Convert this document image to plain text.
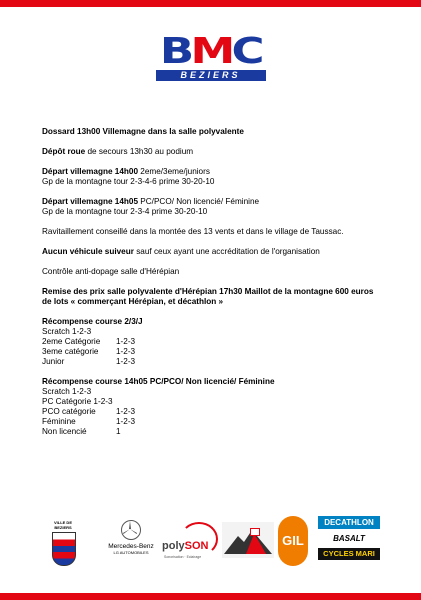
BMC
BEZIERS
Dossard 13h00 Villemagne dans la salle polyvalente
Dépôt roue de secours 13h30 au podium
Départ villemagne 14h00 2eme/3eme/juniors
Gp de la montagne tour 2-3-4-6 prime 30-20-10
Départ villemagne 14h05 PC/PCO/ Non licencié/ Féminine
Gp de la montagne tour 2-3-4 prime 30-20-10
Ravitaillement conseillé dans la montée des 13 vents et dans le village de Taussac.
Aucun véhicule suiveur sauf ceux ayant une accréditation de l'organisation
Contrôle anti-dopage salle d'Hérépian
Remise des prix salle polyvalente d'Hérépian 17h30 Maillot de la montagne 600 euros de lots « commerçant Hérépian, et décathlon »
Récompense course 2/3/J
Scratch 1-2-3
2eme Catégorie	1-2-3
3eme catégorie	1-2-3
Junior	1-2-3
Récompense course 14h05 PC/PCO/ Non licencié/ Féminine
Scratch 1-2-3
PC Catégorie 1-2-3
PCO catégorie	1-2-3
Féminine	1-2-3
Non licencié	1
VILLE DE BEZIERS
Mercedes-Benz
LG AUTOMOBILES
polySON
Sonorisation · Eclairage
GIL
DECATHLON
BASALT
CYCLES MARI
